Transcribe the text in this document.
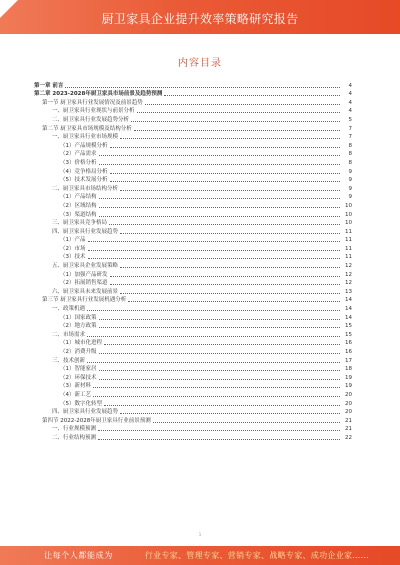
厨卫家具企业提升效率策略研究报告
内容目录
第一章 前言	4
第二章 2023-2028年厨卫家具市场前景及趋势预测	4
第一节 厨卫家具行业发展情况及前景趋势	4
一、厨卫家具行业现状与前景分析	4
二、厨卫家具行业发展趋势分析	5
第二节 厨卫家具市场规模及结构分析	7
一、厨卫家具行业市场规模	7
（1）产品规模分析	8
（2）产品需求	8
（3）价格分析	8
（4）竞争格局分析	9
（5）技术发展分析	9
二、厨卫家具市场结构分析	9
（1）产品结构	9
（2）区域结构	10
（3）渠道结构	10
三、厨卫家具竞争格局	10
四、厨卫家具行业发展趋势	11
（1）产品	11
（2）市场	11
（3）技术	11
五、厨卫家具企业发展策略	12
（1）加强产品研发	12
（2）拓展销售渠道	12
六、厨卫家具未来发展前景	13
第三节 厨卫家具行业发展机遇分析	14
一、政策机遇	14
（1）国家政策	14
（2）地方政策	15
二、市场需求	15
（1）城市化进程	16
（2）消费升级	16
三、技术创新	17
（1）智能家居	18
（2）环保技术	19
（3）新材料	19
（4）新工艺	20
（5）数字化转型	20
四、厨卫家具行业发展趋势	20
第四节 2022-2028年厨卫家具行业前景预测	21
一、行业规模预测	21
二、行业结构预测	22
1
让每个人都能成为	行业专家、管理专家、营销专家、战略专家、成功企业家……
